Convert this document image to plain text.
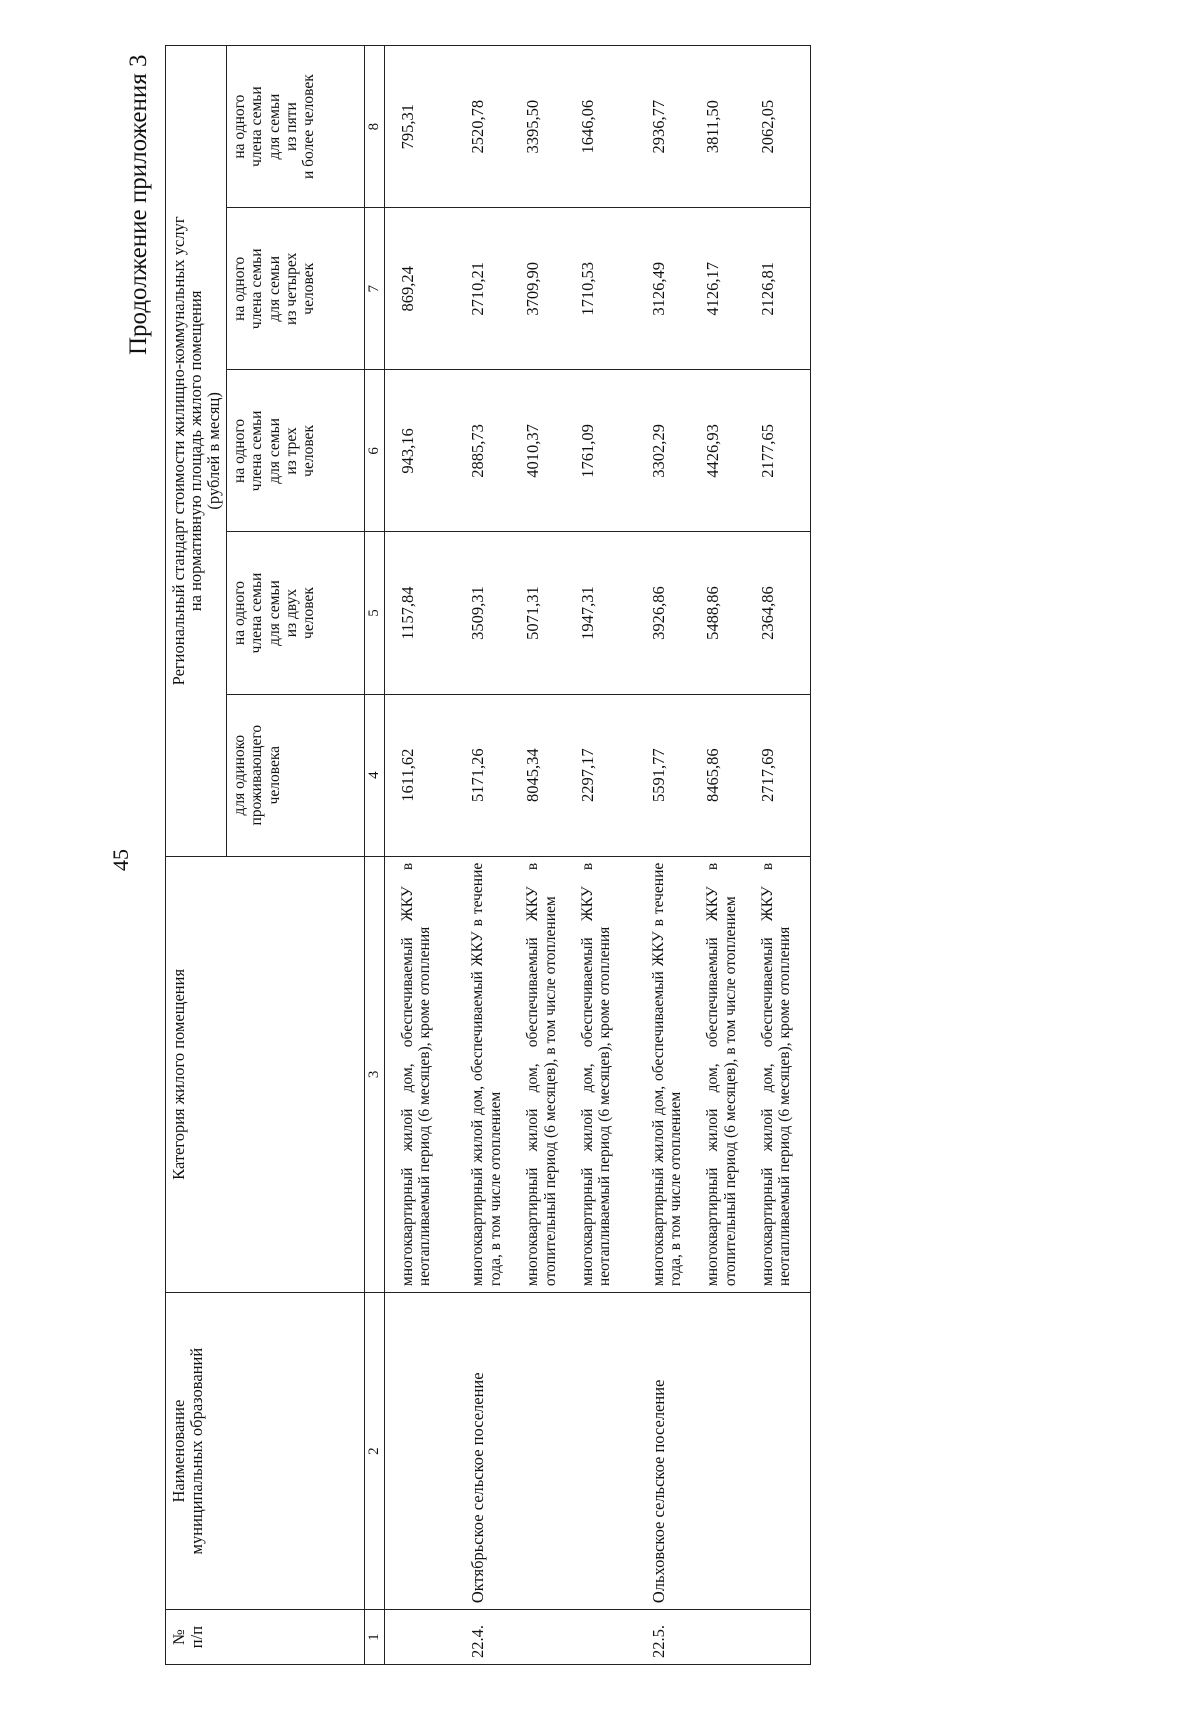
45
Продолжение приложения 3
№
п/п	Наименование
муниципальных образований	Категория жилого помещения	Региональный стандарт стоимости жилищно-коммунальных услуг
на нормативную площадь жилого помещения
(рублей в месяц)				
			для одиноко
проживающего
человека	на одного
члена семьи
для семьи
из двух
человек	на одного
члена семьи
для семьи
из трех
человек	на одного
члена семьи
для семьи
из четырех
человек	на одного
члена семьи
для семьи
из пяти
и более человек
1	2	3	4	5	6	7	8
		многоквартирный жилой дом, обеспечиваемый ЖКУ в неотапливаемый период (6 месяцев), кроме отопления	1611,62	1157,84	943,16	869,24	795,31
22.4.	Октябрьское сельское поселение	многоквартирный жилой дом, обеспечиваемый ЖКУ в течение года, в том числе отоплением	5171,26	3509,31	2885,73	2710,21	2520,78
		многоквартирный жилой дом, обеспечиваемый ЖКУ в отопительный период (6 месяцев), в том числе отоплением	8045,34	5071,31	4010,37	3709,90	3395,50
		многоквартирный жилой дом, обеспечиваемый ЖКУ в неотапливаемый период (6 месяцев), кроме отопления	2297,17	1947,31	1761,09	1710,53	1646,06
22.5.	Ольховское сельское поселение	многоквартирный жилой дом, обеспечиваемый ЖКУ в течение года, в том числе отоплением	5591,77	3926,86	3302,29	3126,49	2936,77
		многоквартирный жилой дом, обеспечиваемый ЖКУ в отопительный период (6 месяцев), в том числе отоплением	8465,86	5488,86	4426,93	4126,17	3811,50
		многоквартирный жилой дом, обеспечиваемый ЖКУ в неотапливаемый период (6 месяцев), кроме отопления	2717,69	2364,86	2177,65	2126,81	2062,05
